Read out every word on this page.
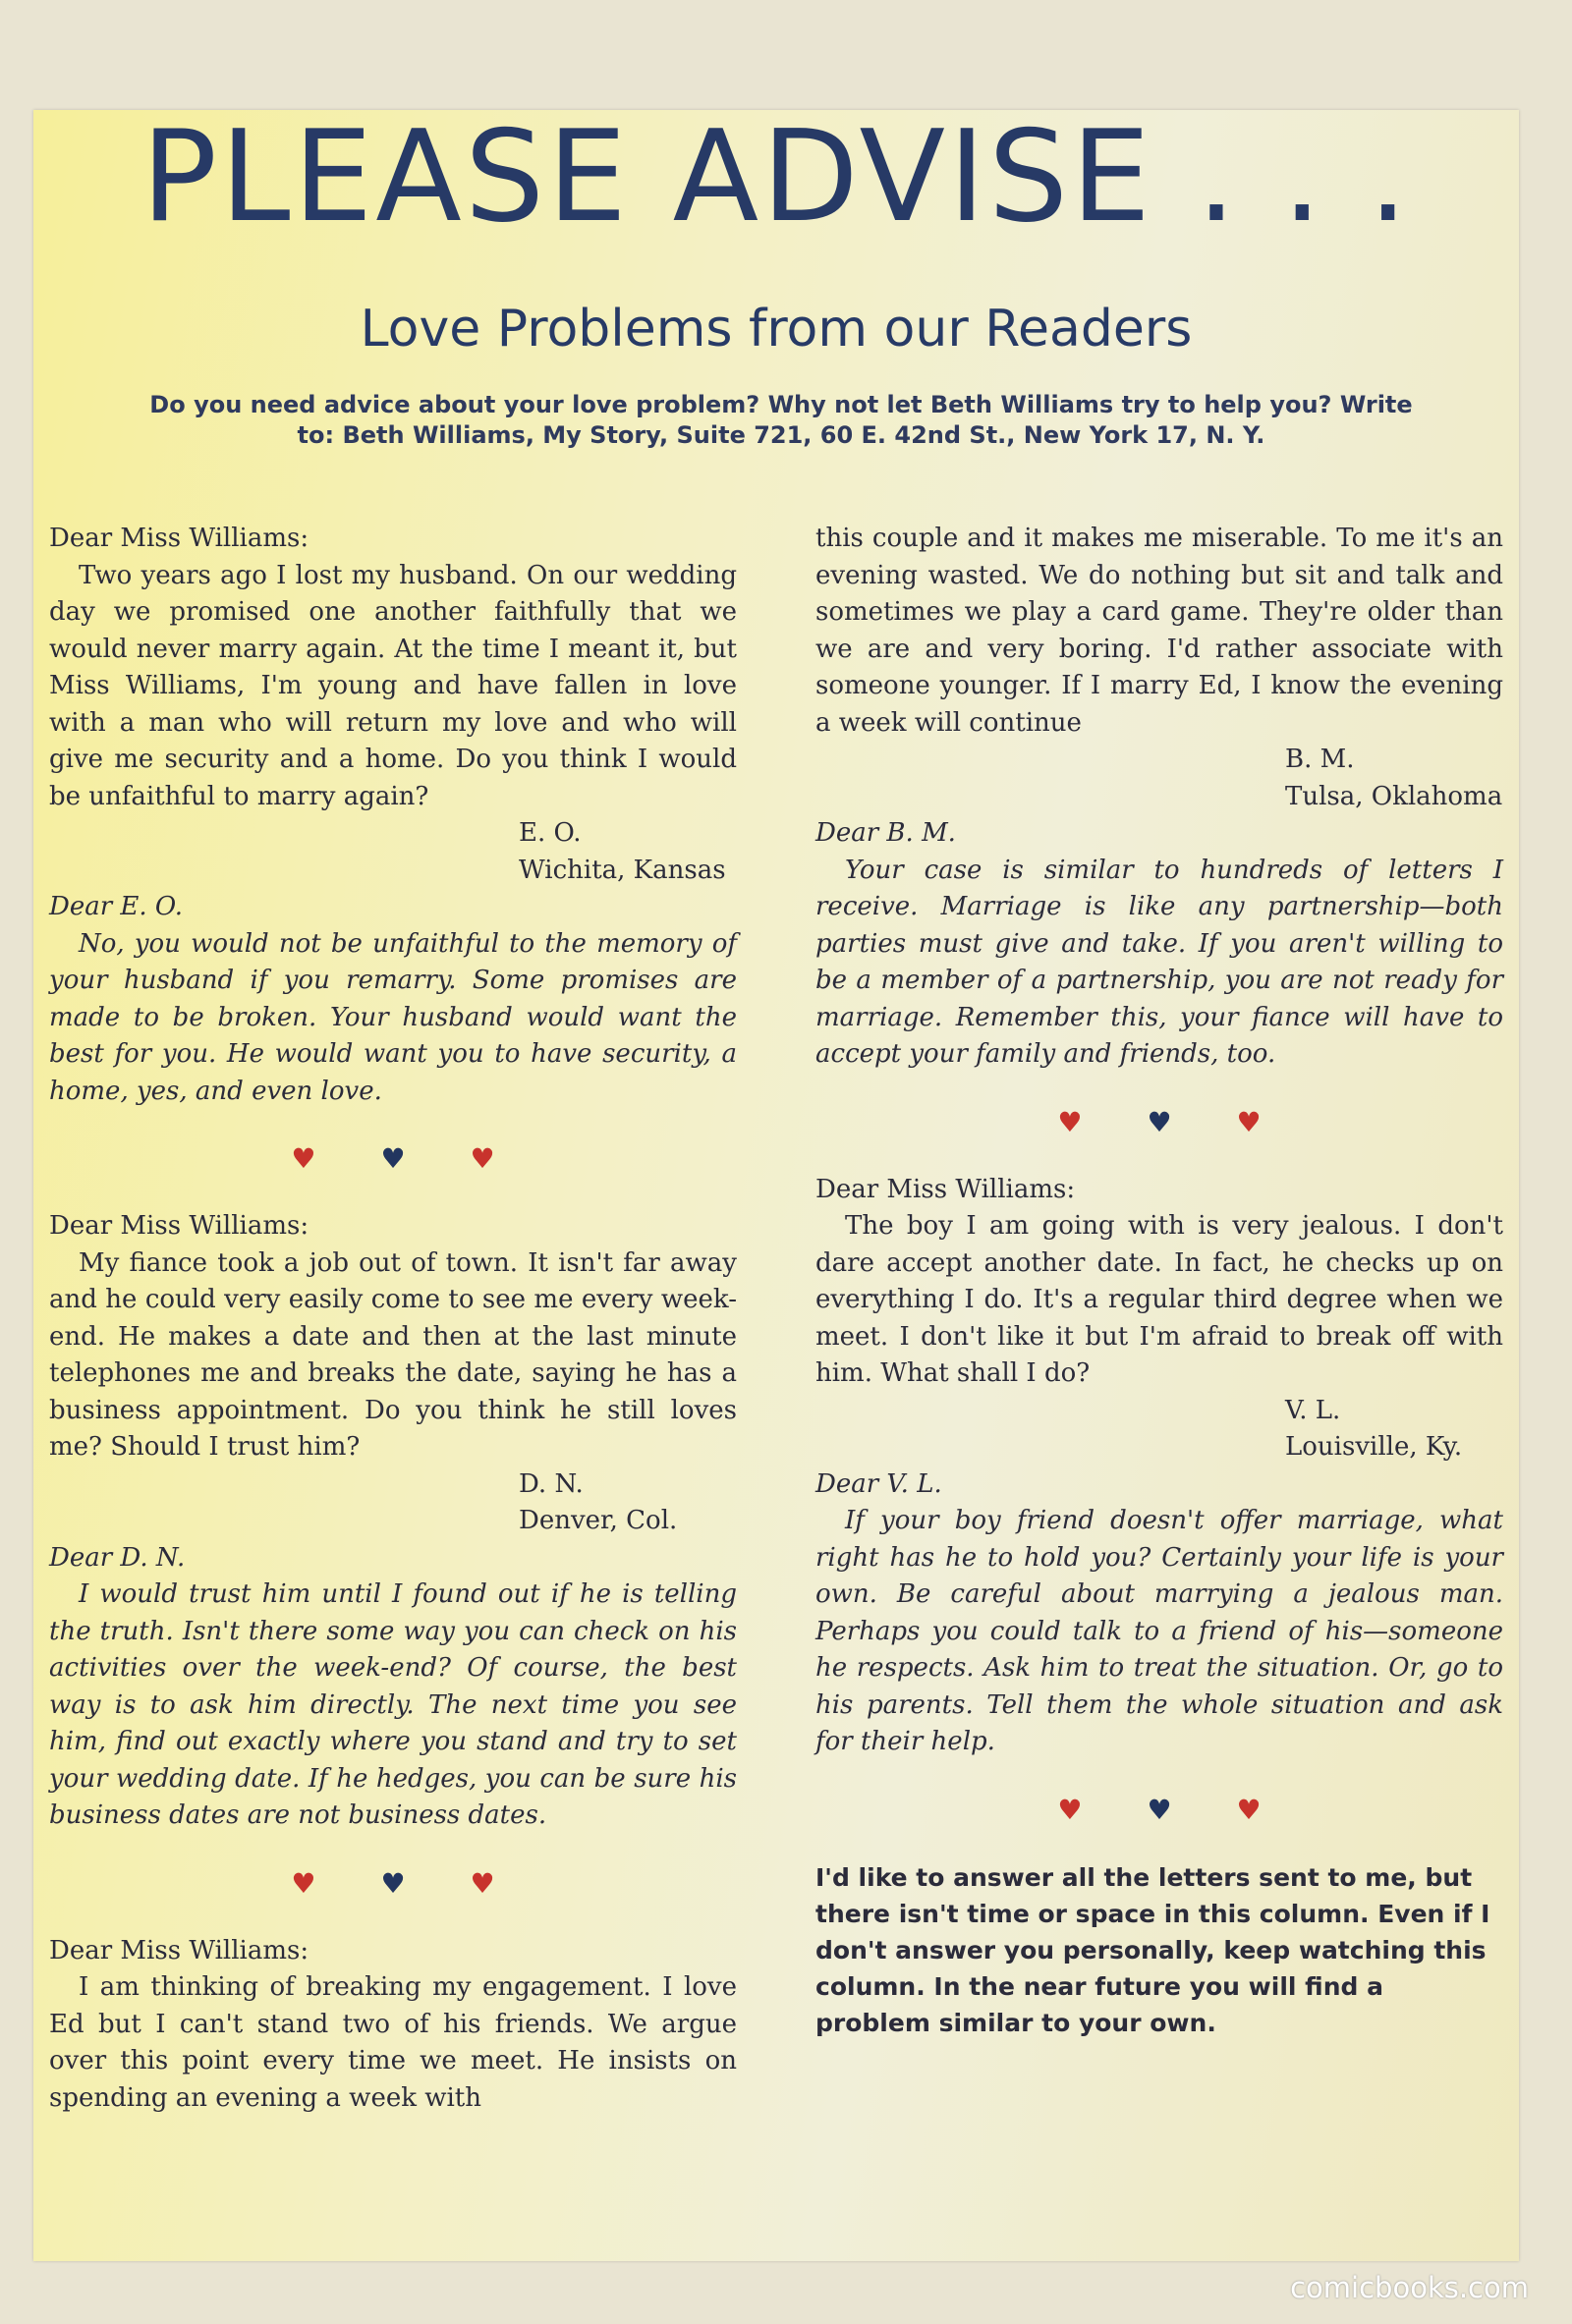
PLEASE ADVISE . . .
Love Problems from our Readers
Do you need advice about your love problem? Why not let Beth Williams try to help you? Write
to: Beth Williams, My Story, Suite 721, 60 E. 42nd St., New York 17, N. Y.

Dear Miss Williams:

Two years ago I lost my husband. On our wedding day we promised one another faithfully that we would never marry again. At the time I meant it, but Miss Williams, I'm young and have fallen in love with a man who will return my love and who will give me security and a home. Do you think I would be unfaithful to marry again?

E. O.

Wichita, Kansas

Dear E. O.

No, you would not be unfaithful to the memory of your husband if you remarry. Some promises are made to be broken. Your husband would want the best for you. He would want you to have security, a home, yes, and even love.

♥ ♥ ♥

Dear Miss Williams:

My fiance took a job out of town. It isn't far away and he could very easily come to see me every week-end. He makes a date and then at the last minute telephones me and breaks the date, saying he has a business appointment. Do you think he still loves me? Should I trust him?

D. N.

Denver, Col.

Dear D. N.

I would trust him until I found out if he is telling the truth. Isn't there some way you can check on his activities over the week-end? Of course, the best way is to ask him directly. The next time you see him, find out exactly where you stand and try to set your wedding date. If he hedges, you can be sure his business dates are not business dates.

♥ ♥ ♥

Dear Miss Williams:

I am thinking of breaking my engagement. I love Ed but I can't stand two of his friends. We argue over this point every time we meet. He insists on spending an evening a week with

this couple and it makes me miserable. To me it's an evening wasted. We do nothing but sit and talk and sometimes we play a card game. They're older than we are and very boring. I'd rather associate with someone younger. If I marry Ed, I know the evening a week will continue

B. M.

Tulsa, Oklahoma

Dear B. M.

Your case is similar to hundreds of letters I receive. Marriage is like any partnership—both parties must give and take. If you aren't willing to be a member of a partnership, you are not ready for marriage. Remember this, your fiance will have to accept your family and friends, too.

♥ ♥ ♥

Dear Miss Williams:

The boy I am going with is very jealous. I don't dare accept another date. In fact, he checks up on everything I do. It's a regular third degree when we meet. I don't like it but I'm afraid to break off with him. What shall I do?

V. L.

Louisville, Ky.

Dear V. L.

If your boy friend doesn't offer marriage, what right has he to hold you? Certainly your life is your own. Be careful about marrying a jealous man. Perhaps you could talk to a friend of his—someone he respects. Ask him to treat the situation. Or, go to his parents. Tell them the whole situation and ask for their help.

♥ ♥ ♥
I'd like to answer all the letters sent to me, but there isn't time or space in this column. Even if I don't answer you personally, keep watching this column. In the near future you will find a problem similar to your own.
comicbooks.com
